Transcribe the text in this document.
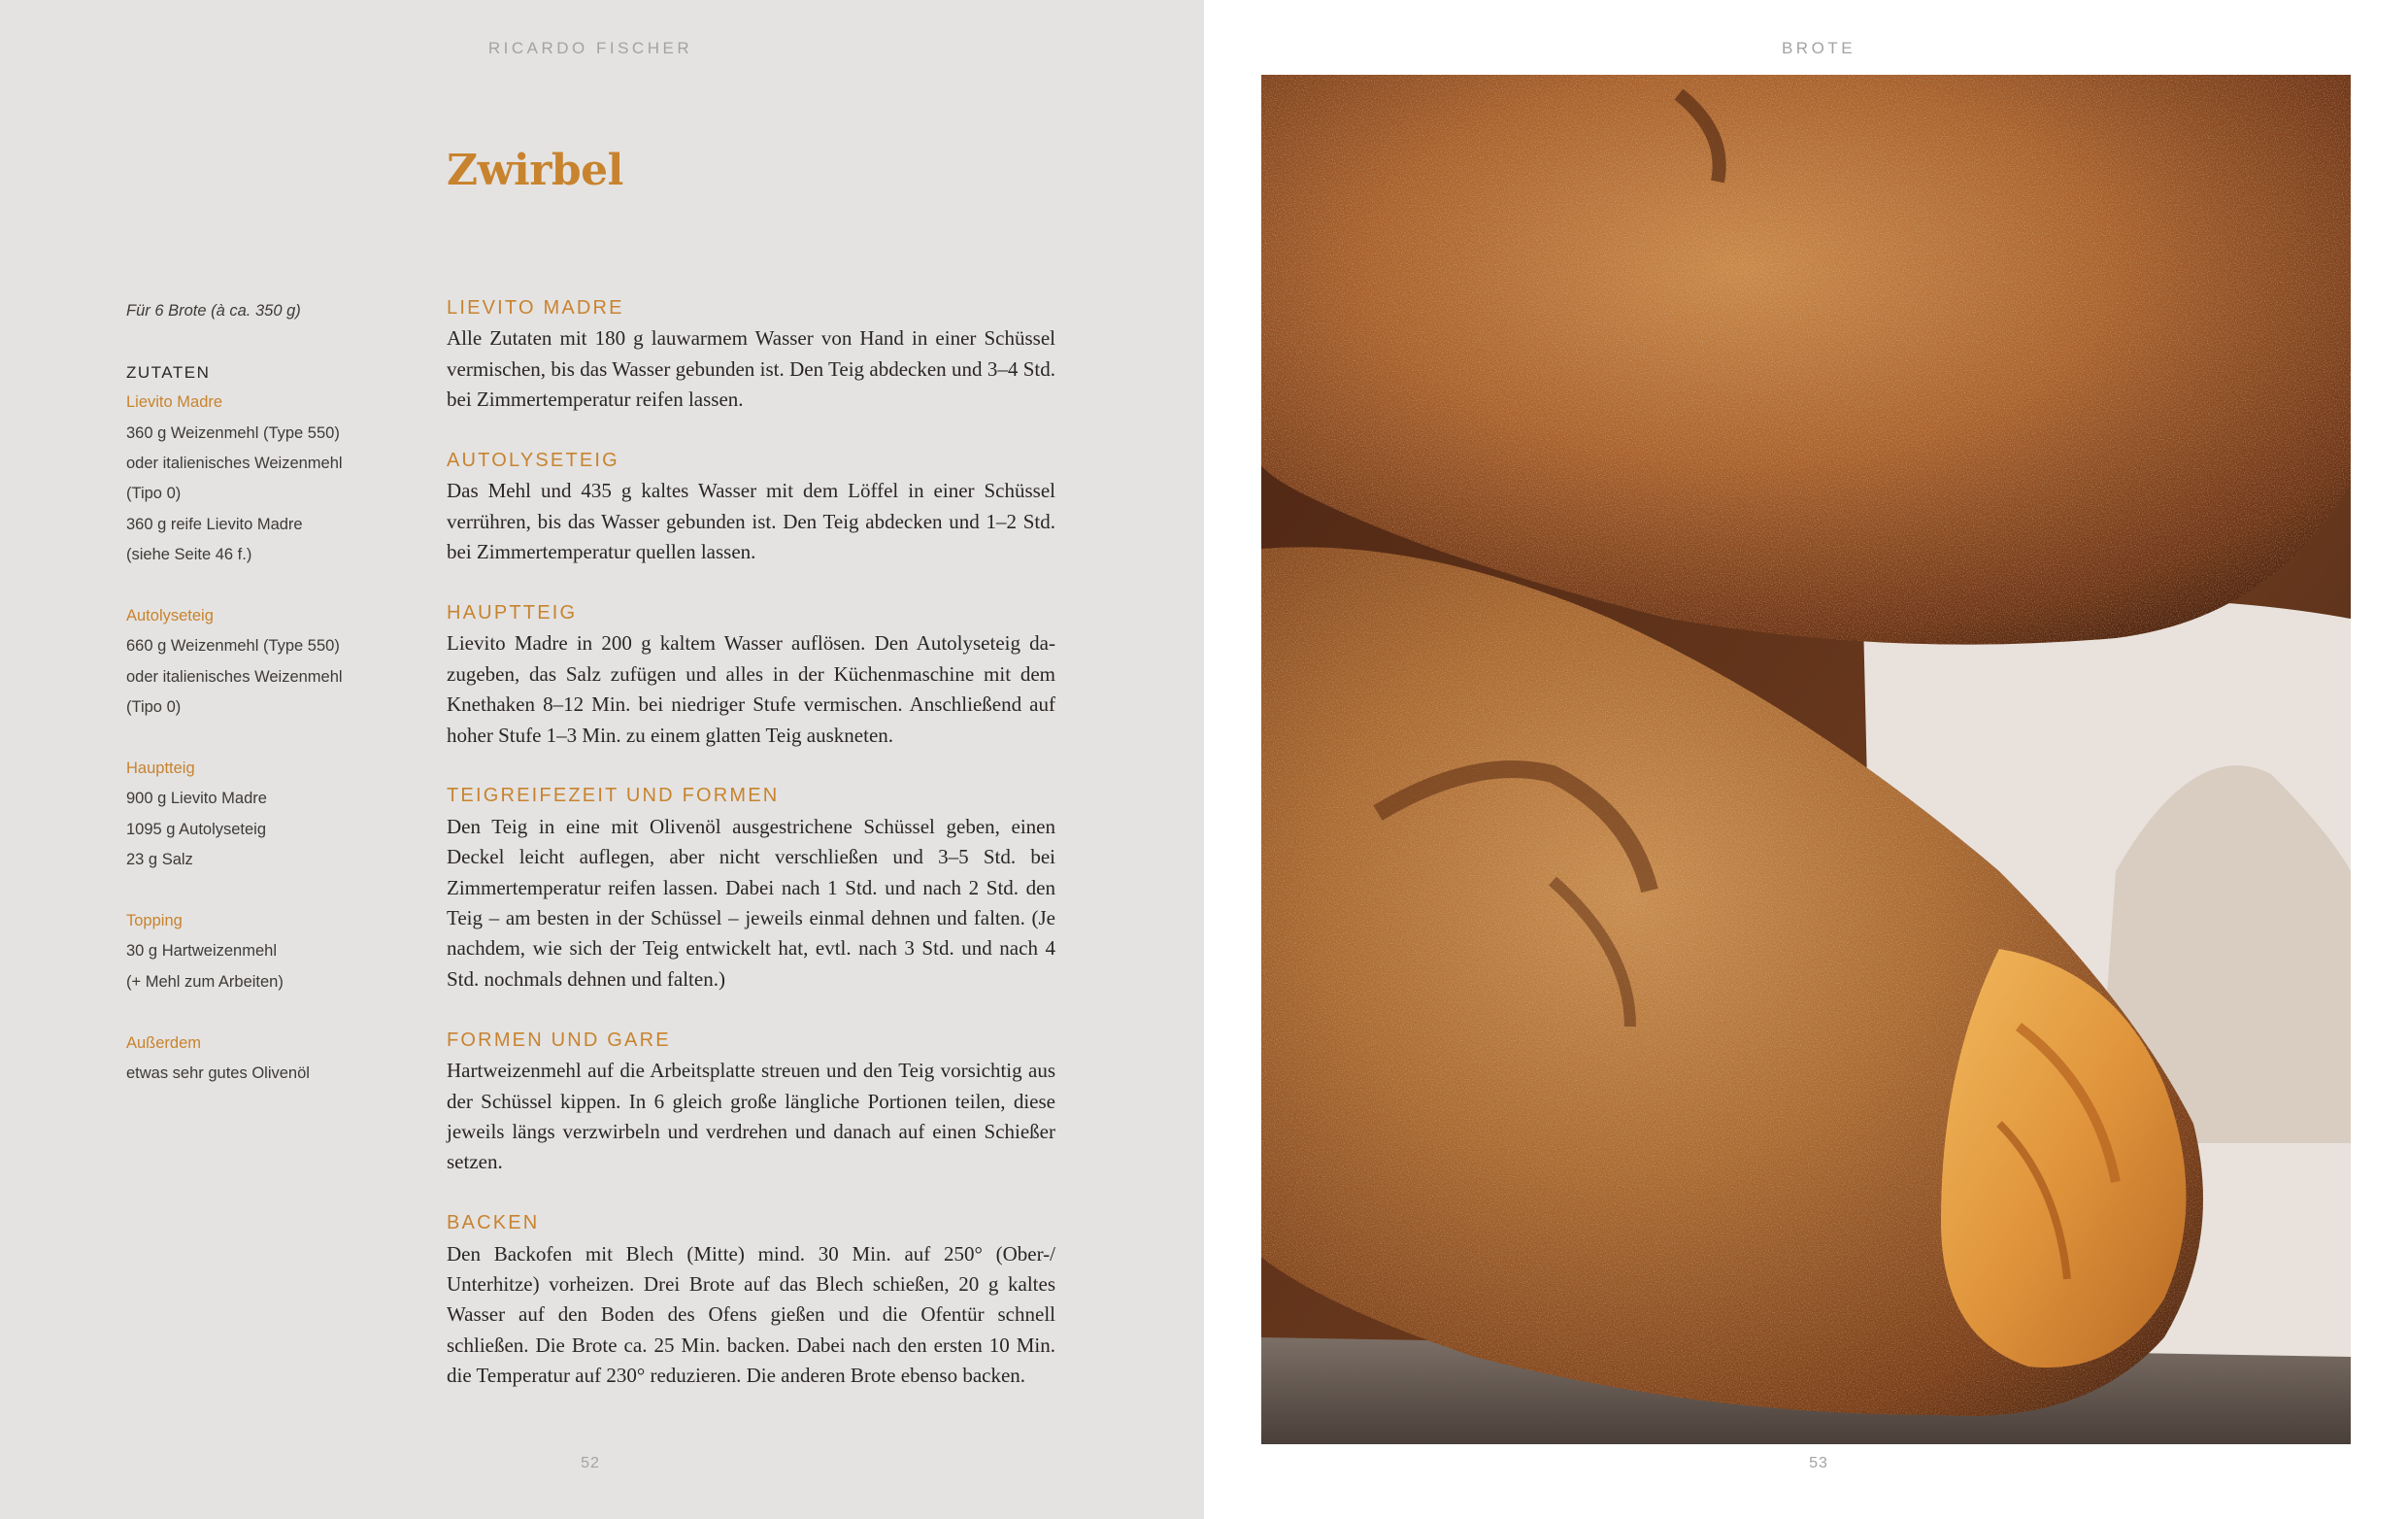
RICARDO FISCHER
Zwirbel
Für 6 Brote (à ca. 350 g)
ZUTATEN
Lievito Madre
360 g Weizenmehl (Type 550)
oder italienisches Weizenmehl
(Tipo 0)
360 g reife Lievito Madre
(siehe Seite 46 f.)
Autolyseteig
660 g Weizenmehl (Type 550)
oder italienisches Weizenmehl
(Tipo 0)
Hauptteig
900 g Lievito Madre
1095 g Autolyseteig
23 g Salz
Topping
30 g Hartweizenmehl
(+ Mehl zum Arbeiten)
Außerdem
etwas sehr gutes Olivenöl
LIEVITO MADRE
Alle Zutaten mit 180 g lauwarmem Wasser von Hand in einer Schüssel vermischen, bis das Wasser gebunden ist. Den Teig abdecken und 3–4 Std. bei Zimmertemperatur reifen lassen.
AUTOLYSETEIG
Das Mehl und 435 g kaltes Wasser mit dem Löffel in einer Schüssel verrühren, bis das Wasser gebunden ist. Den Teig abdecken und 1–2 Std. bei Zimmertemperatur quellen lassen.
HAUPTTEIG
Lievito Madre in 200 g kaltem Wasser auflösen. Den Autolyseteig dazugeben, das Salz zufügen und alles in der Küchenmaschine mit dem Knethaken 8–12 Min. bei niedriger Stufe vermischen. Anschließend auf hoher Stufe 1–3 Min. zu einem glatten Teig auskneten.
TEIGREIFEZEIT UND FORMEN
Den Teig in eine mit Olivenöl ausgestrichene Schüssel geben, einen Deckel leicht auflegen, aber nicht verschließen und 3–5 Std. bei Zimmertemperatur reifen lassen. Dabei nach 1 Std. und nach 2 Std. den Teig – am besten in der Schüssel – jeweils einmal dehnen und falten. (Je nachdem, wie sich der Teig entwickelt hat, evtl. nach 3 Std. und nach 4 Std. nochmals dehnen und falten.)
FORMEN UND GARE
Hartweizenmehl auf die Arbeitsplatte streuen und den Teig vorsichtig aus der Schüssel kippen. In 6 gleich große längliche Portionen teilen, diese jeweils längs verzwirbeln und verdrehen und danach auf einen Schießer setzen.
BACKEN
Den Backofen mit Blech (Mitte) mind. 30 Min. auf 250° (Ober-/ Unterhitze) vorheizen. Drei Brote auf das Blech schießen, 20 g kaltes Wasser auf den Boden des Ofens gießen und die Ofentür schnell schließen. Die Brote ca. 25 Min. backen. Dabei nach den ersten 10 Min. die Temperatur auf 230° reduzieren. Die anderen Brote ebenso backen.
52
BROTE
53
